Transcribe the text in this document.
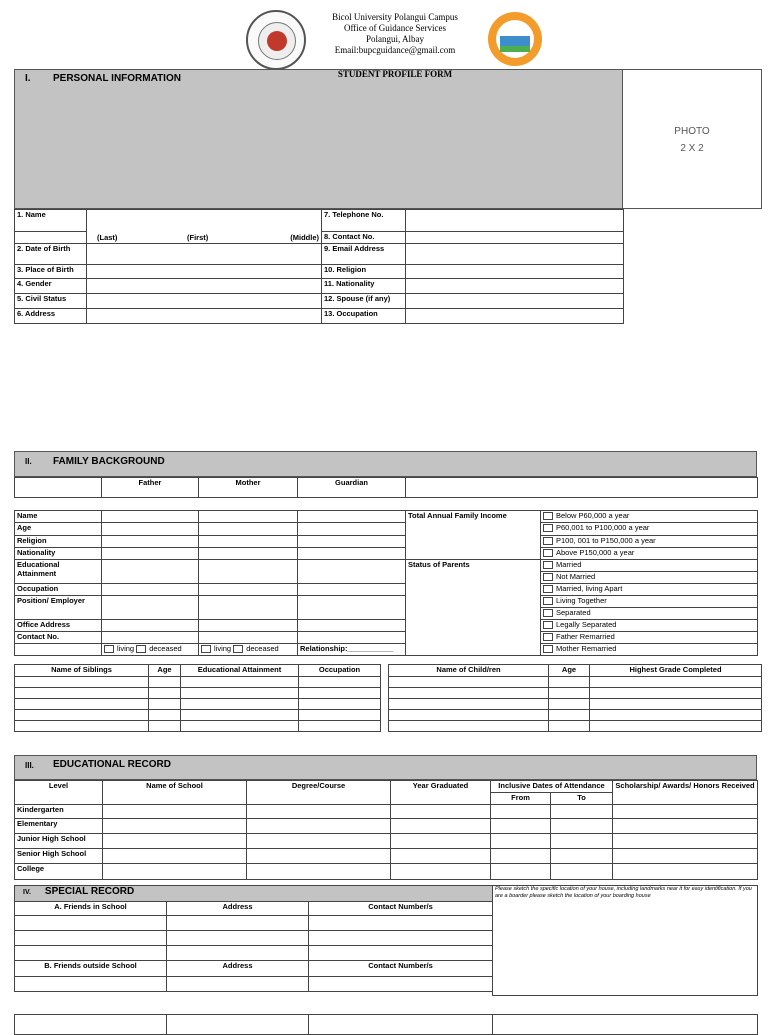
Bicol University Polangui Campus
Office of Guidance Services
Polangui, Albay
Email:bupcguidance@gmail.com
I. PERSONAL INFORMATION	STUDENT PROFILE FORM
PHOTO
2 X 2
1. Name	(Last) (First) (Middle)	7. Telephone No.	
		8. Contact No.	
2. Date of Birth		9. Email Address	
3. Place of Birth		10. Religion	
4. Gender		11. Nationality	
5. Civil Status		12. Spouse (if any)	
6. Address		13. Occupation	
II. FAMILY BACKGROUND
	Father	Mother	Guardian	
Name				Total Annual Family Income	Below P60,000 a year
Age					P60,001 to P100,000 a year
Religion					P100, 001 to P150,000 a year
Nationality					Above P150,000 a year
Educational Attainment				Status of Parents	Married
					Not Married
Occupation					Married, living Apart
Position/ Employer					Living Together
					Separated
Office Address					Legally Separated
Contact No.					Father Remarried
	living deceased	living deceased	Relationship:___________		Mother Remarried
Name of Siblings	Age	Educational Attainment	Occupation

				Name of Child/ren	Age	Highest Grade Completed

III. EDUCATIONAL RECORD
Level	Name of School	Degree/Course	Year Graduated	Inclusive Dates of Attendance		Scholarship/ Awards/ Honors Received
				From	To	
Kindergarten						
Elementary						
Junior High School						
Senior High School						
College						
IV. SPECIAL RECORD			Please sketch the specific location of your house, including landmarks near it for easy identification. If you are a boarder please sketch the location of your boarding house
A. Friends in School	Address	Contact Number/s	

B. Friends outside School	Address	Contact Number/s	
